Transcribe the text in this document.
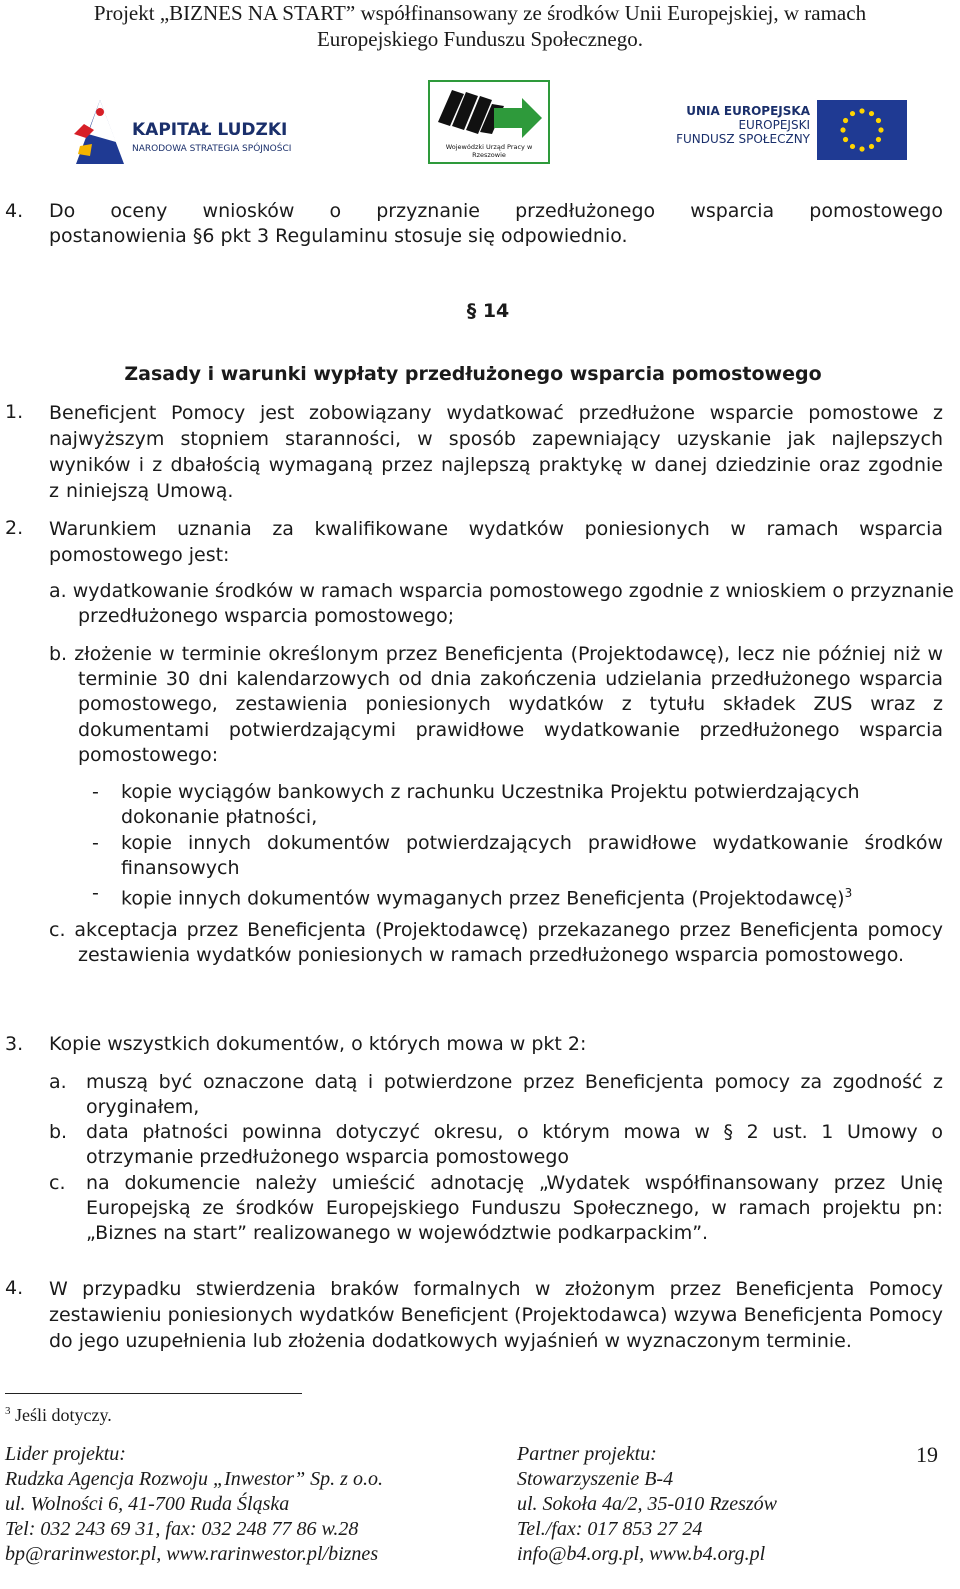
Projekt „BIZNES NA START” współfinansowany ze środków Unii Europejskiej, w ramach
Europejskiego Funduszu Społecznego.
KAPITAŁ LUDZKI
NARODOWA STRATEGIA SPÓJNOŚCI	Wojewódzki Urząd Pracy w Rzeszowie
UNIA EUROPEJSKA
EUROPEJSKI
FUNDUSZ SPOŁECZNY
4. Do oceny wniosków o przyznanie przedłużonego wsparcia pomostowego
postanowienia §6 pkt 3 Regulaminu stosuje się odpowiednio.
§ 14
Zasady i warunki wypłaty przedłużonego wsparcia pomostowego
1. Beneficjent Pomocy jest zobowiązany wydatkować przedłużone wsparcie pomostowe z najwyższym stopniem staranności, w sposób zapewniający uzyskanie jak najlepszych wyników i z dbałością wymaganą przez najlepszą praktykę w danej dziedzinie oraz zgodnie z niniejszą Umową.
2. Warunkiem uznania za kwalifikowane wydatków poniesionych w ramach wsparcia pomostowego jest:
a. wydatkowanie środków w ramach wsparcia pomostowego zgodnie z wnioskiem o przyznanie przedłużonego wsparcia pomostowego;
b. złożenie w terminie określonym przez Beneficjenta (Projektodawcę), lecz nie później niż w terminie 30 dni kalendarzowych od dnia zakończenia udzielania przedłużonego wsparcia pomostowego, zestawienia poniesionych wydatków z tytułu składek ZUS wraz z dokumentami potwierdzającymi prawidłowe wydatkowanie przedłużonego wsparcia pomostowego:
- kopie wyciągów bankowych z rachunku Uczestnika Projektu potwierdzających dokonanie płatności,
- kopie innych dokumentów potwierdzających prawidłowe wydatkowanie środków finansowych
- kopie innych dokumentów wymaganych przez Beneficjenta (Projektodawcę)$^3$
c. akceptacja przez Beneficjenta (Projektodawcę) przekazanego przez Beneficjenta pomocy zestawienia wydatków poniesionych w ramach przedłużonego wsparcia pomostowego.
3. Kopie wszystkich dokumentów, o których mowa w pkt 2:
a. muszą być oznaczone datą i potwierdzone przez Beneficjenta pomocy za zgodność z oryginałem,
b. data płatności powinna dotyczyć okresu, o którym mowa w § 2 ust. 1 Umowy o otrzymanie przedłużonego wsparcia pomostowego
c. na dokumencie należy umieścić adnotację „Wydatek współfinansowany przez Unię Europejską ze środków Europejskiego Funduszu Społecznego, w ramach projektu pn: „Biznes na start” realizowanego w województwie podkarpackim”.
4. W przypadku stwierdzenia braków formalnych w złożonym przez Beneficjenta Pomocy zestawieniu poniesionych wydatków Beneficjent (Projektodawca) wzywa Beneficjenta Pomocy do jego uzupełnienia lub złożenia dodatkowych wyjaśnień w wyznaczonym terminie.
$^3$ Jeśli dotyczy.
Lider projektu:
Rudzka Agencja Rozwoju „Inwestor” Sp. z o.o.
ul. Wolności 6, 41-700 Ruda Śląska
Tel: 032 243 69 31, fax: 032 248 77 86 w.28
bp@rarinwestor.pl, www.rarinwestor.pl/biznes
Partner projektu:
Stowarzyszenie B-4
ul. Sokoła 4a/2, 35-010 Rzeszów
Tel./fax: 017 853 27 24
info@b4.org.pl, www.b4.org.pl
19
